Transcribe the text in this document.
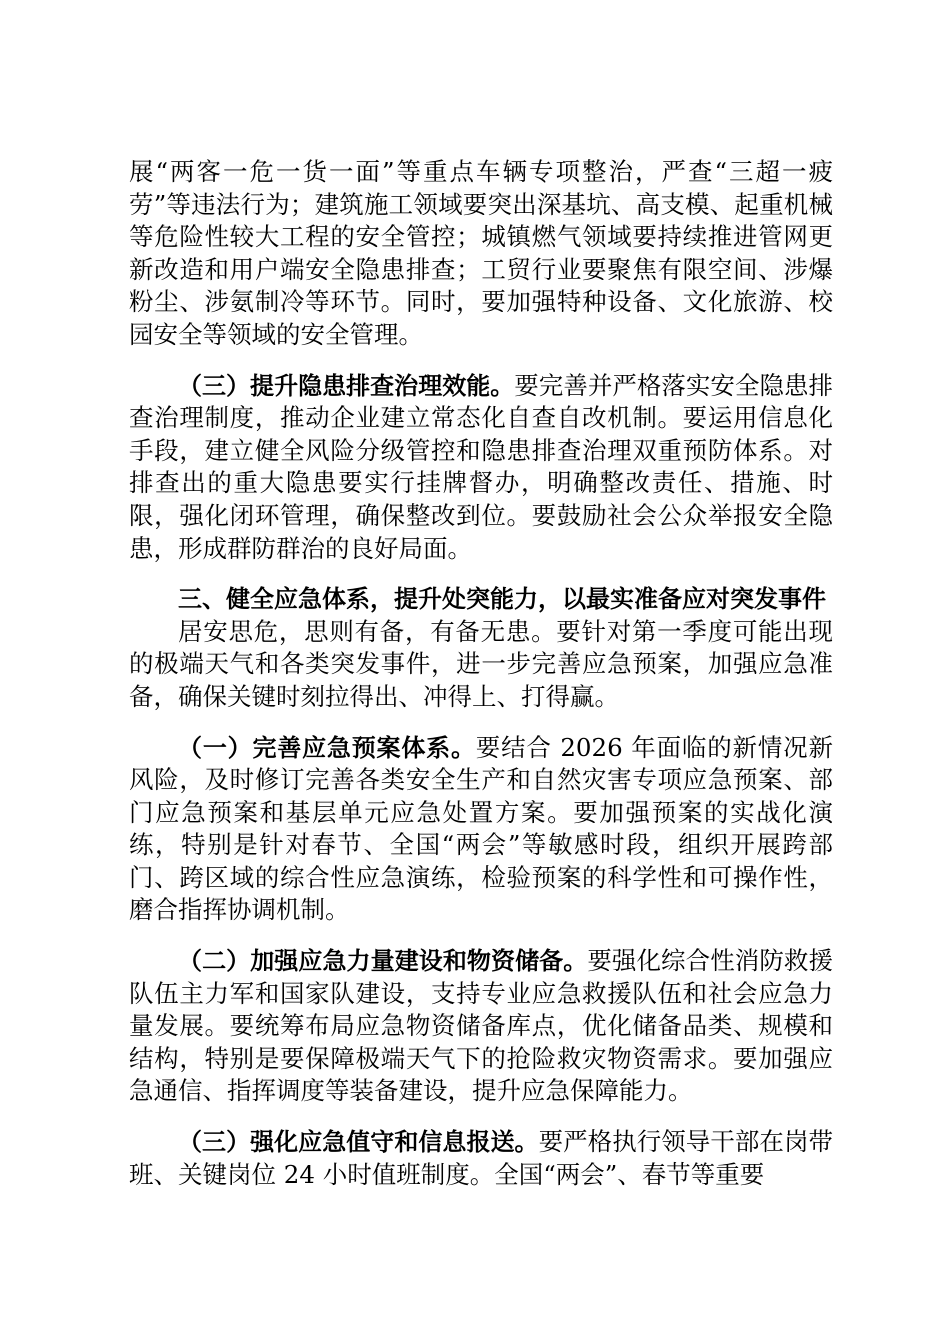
展“两客一危一货一面”等重点车辆专项整治，严查“三超一疲劳”等违法行为；建筑施工领域要突出深基坑、高支模、起重机械等危险性较大工程的安全管控；城镇燃气领域要持续推进管网更新改造和用户端安全隐患排查；工贸行业要聚焦有限空间、涉爆粉尘、涉氨制冷等环节。同时，要加强特种设备、文化旅游、校园安全等领域的安全管理。

（三）提升隐患排查治理效能。要完善并严格落实安全隐患排查治理制度，推动企业建立常态化自查自改机制。要运用信息化手段，建立健全风险分级管控和隐患排查治理双重预防体系。对排查出的重大隐患要实行挂牌督办，明确整改责任、措施、时限，强化闭环管理，确保整改到位。要鼓励社会公众举报安全隐患，形成群防群治的良好局面。

三、健全应急体系，提升处突能力，以最实准备应对突发事件

居安思危，思则有备，有备无患。要针对第一季度可能出现的极端天气和各类突发事件，进一步完善应急预案，加强应急准备，确保关键时刻拉得出、冲得上、打得赢。

（一）完善应急预案体系。要结合 2026 年面临的新情况新风险，及时修订完善各类安全生产和自然灾害专项应急预案、部门应急预案和基层单元应急处置方案。要加强预案的实战化演练，特别是针对春节、全国“两会”等敏感时段，组织开展跨部门、跨区域的综合性应急演练，检验预案的科学性和可操作性，磨合指挥协调机制。

（二）加强应急力量建设和物资储备。要强化综合性消防救援队伍主力军和国家队建设，支持专业应急救援队伍和社会应急力量发展。要统筹布局应急物资储备库点，优化储备品类、规模和结构，特别是要保障极端天气下的抢险救灾物资需求。要加强应急通信、指挥调度等装备建设，提升应急保障能力。

（三）强化应急值守和信息报送。要严格执行领导干部在岗带班、关键岗位 24 小时值班制度。全国“两会”、春节等重要
